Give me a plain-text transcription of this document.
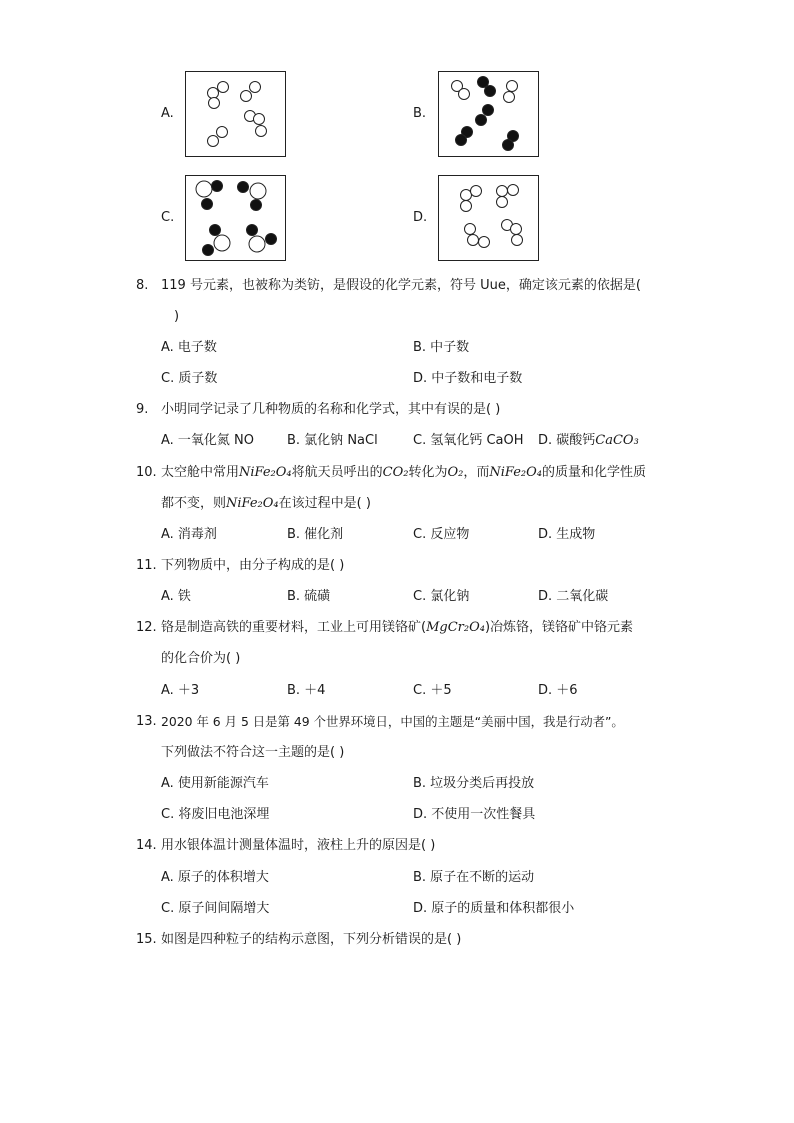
A.	B.
C.	D.
8. 119 号元素，也被称为类钫，是假设的化学元素，符号 Uue，确定该元素的依据是(
)
A. 电子数	B. 中子数
C. 质子数	D. 中子数和电子数
9. 小明同学记录了几种物质的名称和化学式，其中有误的是( )
A. 一氧化氮 NO	B. 氯化钠 NaCl	C. 氢氧化钙 CaOH D. 碳酸钙CaCO₃
10. 太空舱中常用NiFe₂O₄将航天员呼出的CO₂转化为O₂，而NiFe₂O₄的质量和化学性质
都不变，则NiFe₂O₄在该过程中是( )
A. 消毒剂	B. 催化剂	C. 反应物	D. 生成物
11. 下列物质中，由分子构成的是( )
A. 铁	B. 硫磺	C. 氯化钠	D. 二氧化碳
12. 铬是制造高铁的重要材料，工业上可用镁铬矿(MgCr₂O₄)冶炼铬，镁铬矿中铬元素
的化合价为( )
A. ＋3	B. ＋4	C. ＋5	D. ＋6
13. 2020 年 6 月 5 日是第 49 个世界环境日，中国的主题是“美丽中国，我是行动者”。
下列做法不符合这一主题的是( )
A. 使用新能源汽车	B. 垃圾分类后再投放
C. 将废旧电池深埋	D. 不使用一次性餐具
14. 用水银体温计测量体温时，液柱上升的原因是( )
A. 原子的体积增大	B. 原子在不断的运动
C. 原子间间隔增大	D. 原子的质量和体积都很小
15. 如图是四种粒子的结构示意图，下列分析错误的是( )
